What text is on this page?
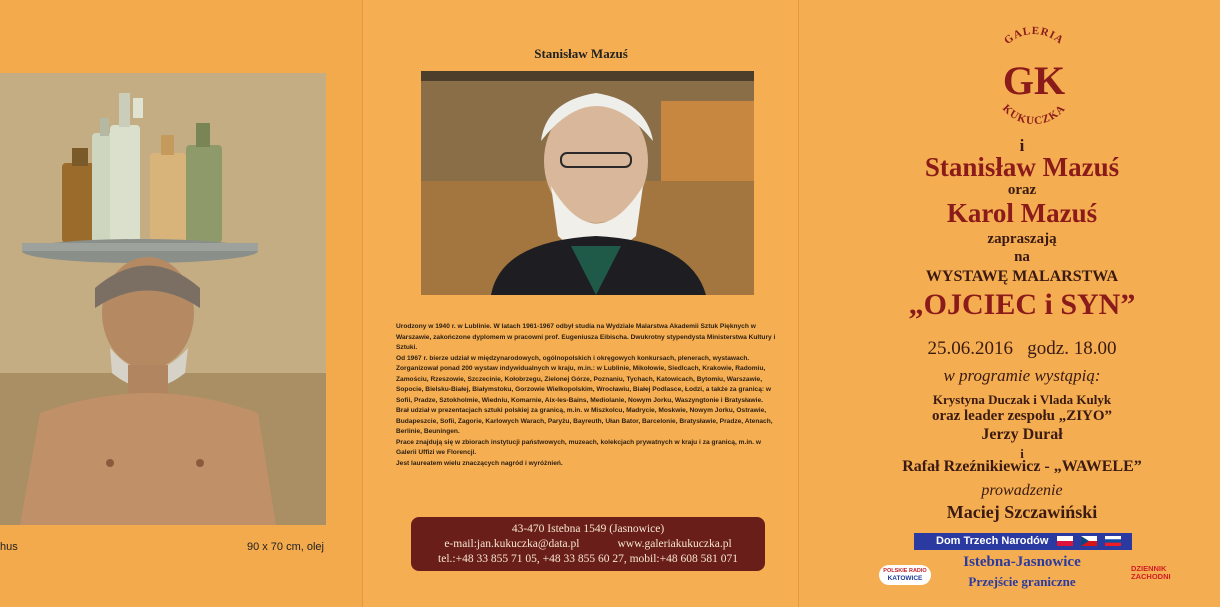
hus	90 x 70 cm, olej
Stanisław Mazuś

Urodzony w 1940 r. w Lublinie. W latach 1961-1967 odbył studia na Wydziale Malarstwa Akademii Sztuk Pięknych w Warszawie, zakończone dyplomem w pracowni prof. Eugeniusza Eibischa. Dwukrotny stypendysta Ministerstwa Kultury i Sztuki.

Od 1967 r. bierze udział w międzynarodowych, ogólnopolskich i okręgowych konkursach, plenerach, wystawach. Zorganizował ponad 200 wystaw indywidualnych w kraju, m.in.: w Lublinie, Mikołowie, Siedlcach, Krakowie, Radomiu, Zamościu, Rzeszowie, Szczecinie, Kołobrzegu, Zielonej Górze, Poznaniu, Tychach, Katowicach, Bytomiu, Warszawie, Sopocie, Bielsku-Białej, Białymstoku, Gorzowie Wielkopolskim, Wrocławiu, Białej Podlasce, Łodzi, a także za granicą: w Sofii, Pradze, Sztokholmie, Wiedniu, Komarnie, Aix-les-Bains, Mediolanie, Nowym Jorku, Waszyngtonie i Bratysławie. Brał udział w prezentacjach sztuki polskiej za granicą, m.in. w Miszkolcu, Madrycie, Moskwie, Nowym Jorku, Ostrawie, Budapeszcie, Sofii, Zagorie, Karlowych Warach, Paryżu, Bayreuth, Ułan Bator, Barcelonie, Bratysławie, Pradze, Atenach, Berlinie, Beuningen.

Prace znajdują się w zbiorach instytucji państwowych, muzeach, kolekcjach prywatnych w kraju i za granicą, m.in. w Galerii Uffizi we Florencji.

Jest laureatem wielu znaczących nagród i wyróżnień.

43-470 Istebna 1549 (Jasnowice)
e-mail:jan.kukuczka@data.pl	www.galeriakukuczka.pl
tel.:+48 33 855 71 05, +48 33 855 60 27, mobil:+48 608 581 071
GALERIA
GK
KUKUCZKA
i
Stanisław Mazuś
oraz
Karol Mazuś
zapraszają
na
WYSTAWĘ MALARSTWA
„OJCIEC i SYN”
25.06.2016 godz. 18.00
w programie wystąpią:
Krystyna Duczak i Vlada Kulyk
oraz leader zespołu „ZIYO”
Jerzy Durał
i
Rafał Rzeźnikiewicz - „WAWELE”
prowadzenie
Maciej Szczawiński
Dom Trzech Narodów
Istebna-Jasnowice
Przejście graniczne
POLSKIE RADIO
KATOWICE
DZIENNIK
ZACHODNI
